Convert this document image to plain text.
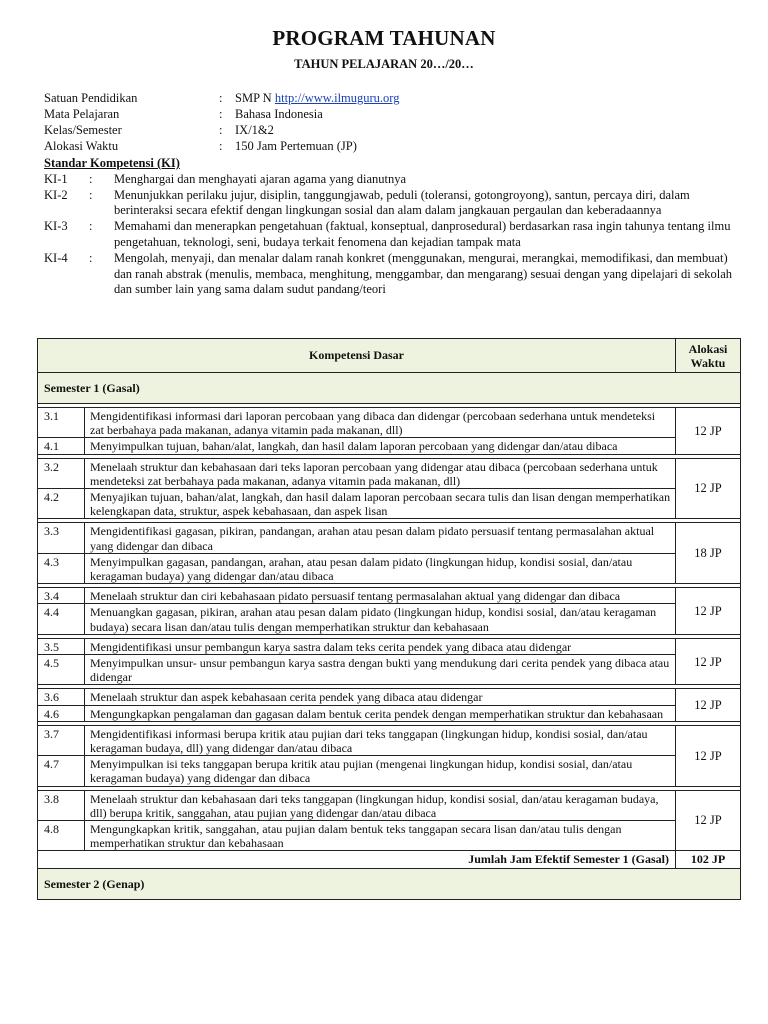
PROGRAM TAHUNAN
TAHUN PELAJARAN 20…/20…
Satuan Pendidikan	: SMP N http://www.ilmuguru.org
Mata Pelajaran	: Bahasa Indonesia
Kelas/Semester	: IX/1&2
Alokasi Waktu	: 150 Jam Pertemuan (JP)
Standar Kompetensi (KI)
KI-1 : Menghargai dan menghayati ajaran agama yang dianutnya
KI-2 : Menunjukkan perilaku jujur, disiplin, tanggungjawab, peduli (toleransi, gotongroyong), santun, percaya diri, dalam berinteraksi secara efektif dengan lingkungan sosial dan alam dalam jangkauan pergaulan dan keberadaannya
KI-3 : Memahami dan menerapkan pengetahuan (faktual, konseptual, danprosedural) berdasarkan rasa ingin tahunya tentang ilmu pengetahuan, teknologi, seni, budaya terkait fenomena dan kejadian tampak mata
KI-4 : Mengolah, menyaji, dan menalar dalam ranah konkret (menggunakan, mengurai, merangkai, memodifikasi, dan membuat) dan ranah abstrak (menulis, membaca, menghitung, menggambar, dan mengarang) sesuai dengan yang dipelajari di sekolah dan sumber lain yang sama dalam sudut pandang/teori
Kompetensi Dasar		Alokasi
Waktu
Semester 1 (Gasal)		

3.1	Mengidentifikasi informasi dari laporan percobaan yang dibaca dan didengar (percobaan sederhana untuk mendeteksi zat berbahaya pada makanan, adanya vitamin pada makanan, dll)	12 JP
4.1	Menyimpulkan tujuan, bahan/alat, langkah, dan hasil dalam laporan percobaan yang didengar dan/atau dibaca	

3.2	Menelaah struktur dan kebahasaan dari teks laporan percobaan yang didengar atau dibaca (percobaan sederhana untuk mendeteksi zat berbahaya pada makanan, adanya vitamin pada makanan, dll)	12 JP
4.2	Menyajikan tujuan, bahan/alat, langkah, dan hasil dalam laporan percobaan secara tulis dan lisan dengan memperhatikan kelengkapan data, struktur, aspek kebahasaan, dan aspek lisan	

3.3	Mengidentifikasi gagasan, pikiran, pandangan, arahan atau pesan dalam pidato persuasif tentang permasalahan aktual yang didengar dan dibaca	18 JP
4.3	Menyimpulkan gagasan, pandangan, arahan, atau pesan dalam pidato (lingkungan hidup, kondisi sosial, dan/atau keragaman budaya) yang didengar dan/atau dibaca	

3.4	Menelaah struktur dan ciri kebahasaan pidato persuasif tentang permasalahan aktual yang didengar dan dibaca	12 JP
4.4	Menuangkan gagasan, pikiran, arahan atau pesan dalam pidato (lingkungan hidup, kondisi sosial, dan/atau keragaman budaya) secara lisan dan/atau tulis dengan memperhatikan struktur dan kebahasaan	

3.5	Mengidentifikasi unsur pembangun karya sastra dalam teks cerita pendek yang dibaca atau didengar	12 JP
4.5	Menyimpulkan unsur- unsur pembangun karya sastra dengan bukti yang mendukung dari cerita pendek yang dibaca atau didengar	

3.6	Menelaah struktur dan aspek kebahasaan cerita pendek yang dibaca atau didengar	12 JP
4.6	Mengungkapkan pengalaman dan gagasan dalam bentuk cerita pendek dengan memperhatikan struktur dan kebahasaan	

3.7	Mengidentifikasi informasi berupa kritik atau pujian dari teks tanggapan (lingkungan hidup, kondisi sosial, dan/atau keragaman budaya, dll) yang didengar dan/atau dibaca	12 JP
4.7	Menyimpulkan isi teks tanggapan berupa kritik atau pujian (mengenai lingkungan hidup, kondisi sosial, dan/atau keragaman budaya) yang didengar dan dibaca	

3.8	Menelaah struktur dan kebahasaan dari teks tanggapan (lingkungan hidup, kondisi sosial, dan/atau keragaman budaya, dll) berupa kritik, sanggahan, atau pujian yang didengar dan/atau dibaca	12 JP
4.8	Mengungkapkan kritik, sanggahan, atau pujian dalam bentuk teks tanggapan secara lisan dan/atau tulis dengan memperhatikan struktur dan kebahasaan	
Jumlah Jam Efektif Semester 1 (Gasal)		102 JP
Semester 2 (Genap)		
